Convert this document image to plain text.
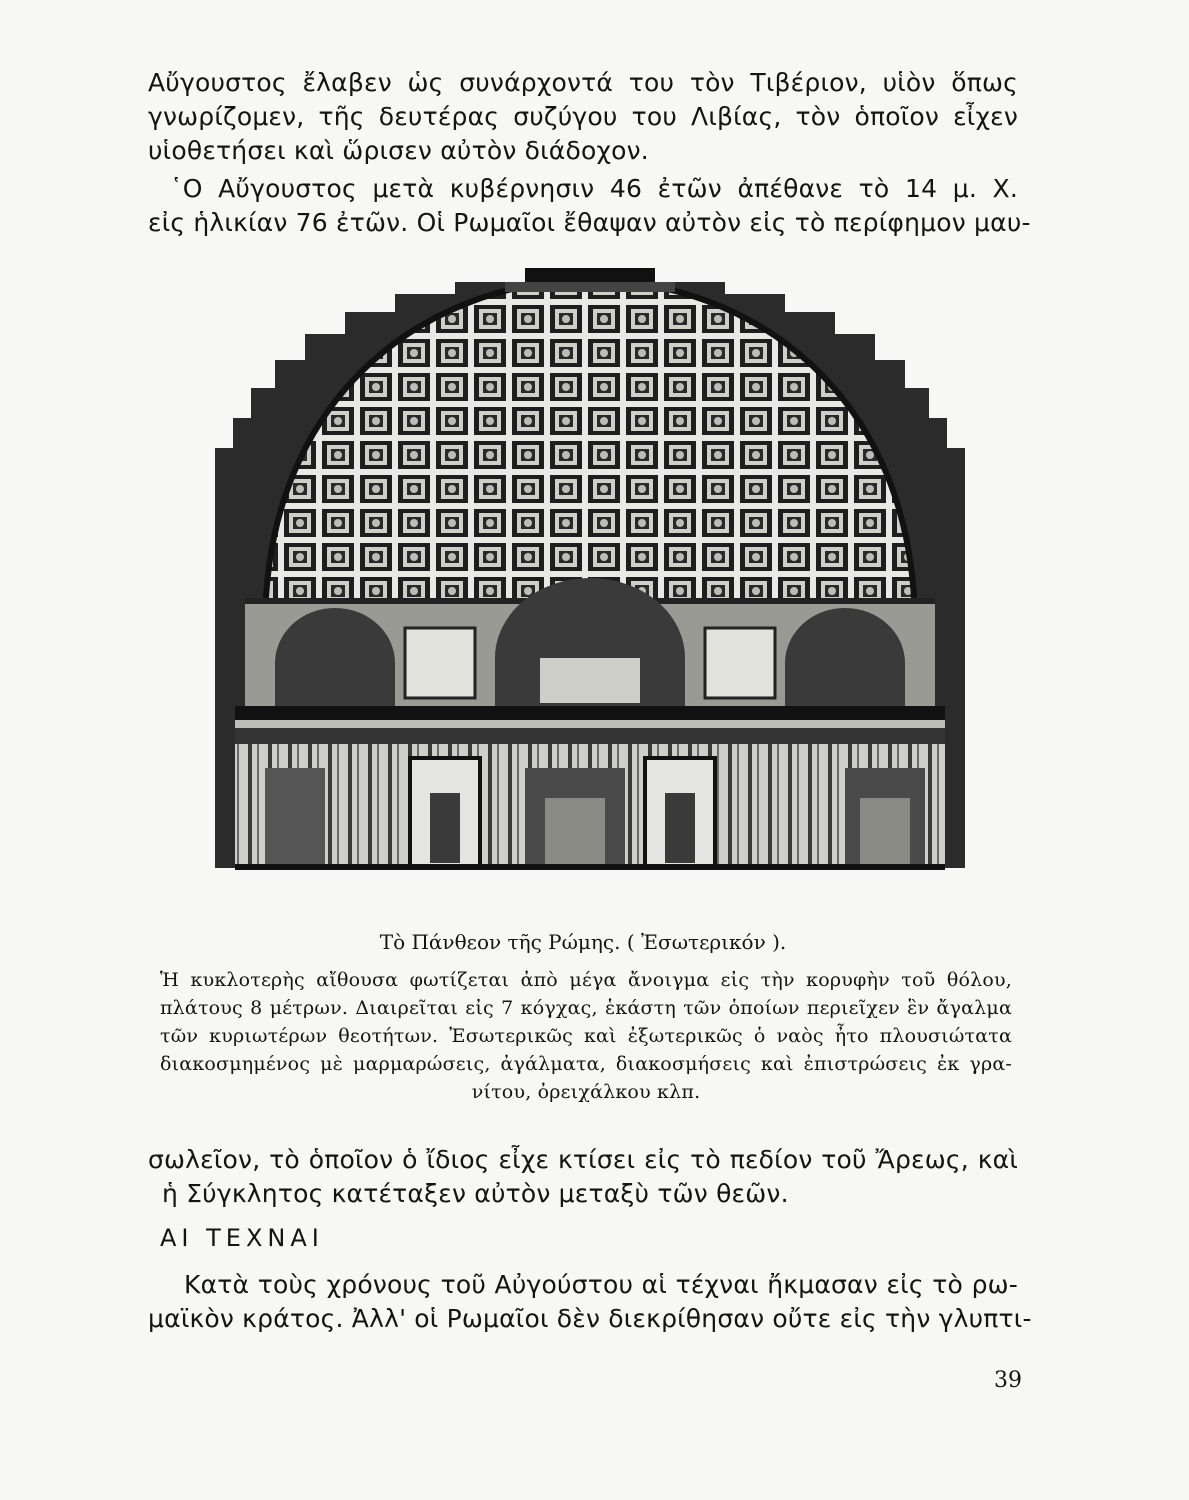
Αὔγουστος ἔλαβεν ὡς συνάρχοντά του τὸν Τιβέριον, υἱὸν ὅπως
γνωρίζομεν, τῆς δευτέρας συζύγου του Λιβίας, τὸν ὁποῖον εἶχεν
υἱοθετήσει καὶ ὥρισεν αὐτὸν διάδοχον.
῾Ο Αὔγουστος μετὰ κυβέρνησιν 46 ἐτῶν ἀπέθανε τὸ 14 μ. Χ.
εἰς ἡλικίαν 76 ἐτῶν. Οἱ Ρωμαῖοι ἔθαψαν αὐτὸν εἰς τὸ περίφημον μαυ-
Τὸ Πάνθεον τῆς Ρώμης. ( Ἐσωτερικόν ).
Ἡ κυκλοτερὴς αἴθουσα φωτίζεται ἀπὸ μέγα ἄνοιγμα εἰς τὴν κορυφὴν τοῦ θόλου,
πλάτους 8 μέτρων. Διαιρεῖται εἰς 7 κόγχας, ἑκάστη τῶν ὁποίων περιεῖχεν ἓν ἄγαλμα
τῶν κυριωτέρων θεοτήτων. Ἐσωτερικῶς καὶ ἐξωτερικῶς ὁ ναὸς ἦτο πλουσιώτατα
διακοσμημένος μὲ μαρμαρώσεις, ἀγάλματα, διακοσμήσεις καὶ ἐπιστρώσεις ἐκ γρα-
νίτου, ὀρειχάλκου κλπ.
σωλεῖον, τὸ ὁποῖον ὁ ἴδιος εἶχε κτίσει εἰς τὸ πεδίον τοῦ Ἄρεως, καὶ
ἡ Σύγκλητος κατέταξεν αὐτὸν μεταξὺ τῶν θεῶν.
ΑΙ ΤΕΧΝΑΙ
Κατὰ τοὺς χρόνους τοῦ Αὐγούστου αἱ τέχναι ἤκμασαν εἰς τὸ ρω-
μαϊκὸν κράτος. Ἀλλ' οἱ Ρωμαῖοι δὲν διεκρίθησαν οὔτε εἰς τὴν γλυπτι-
39
